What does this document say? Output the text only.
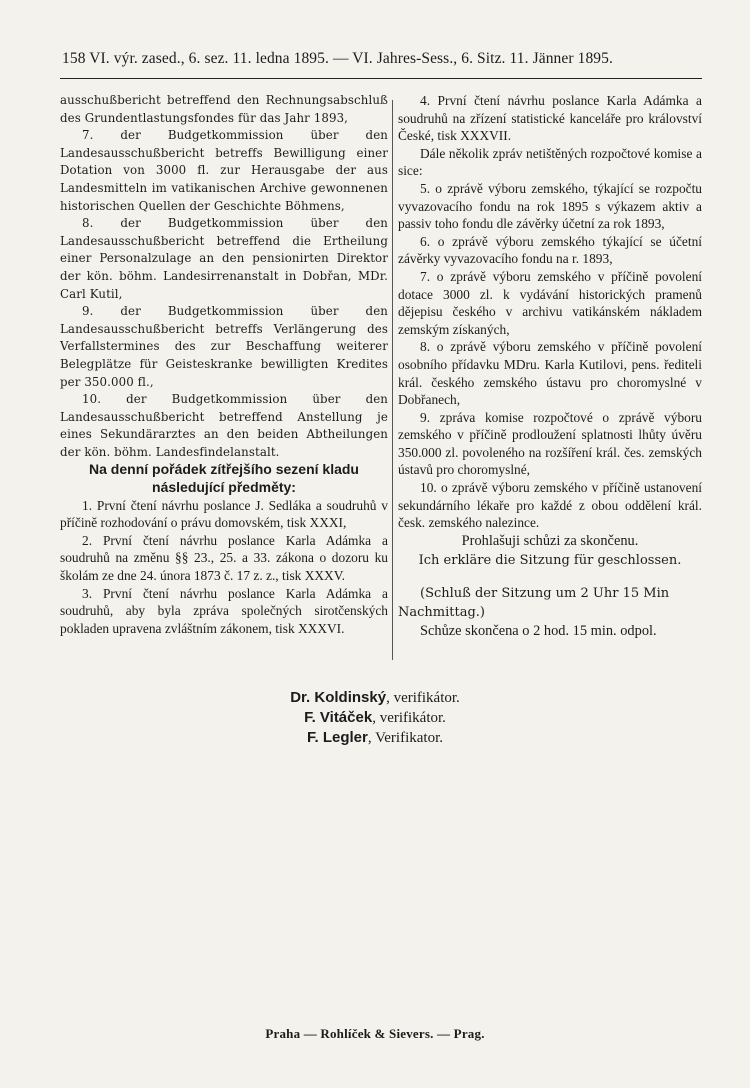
158 VI. výr. zased., 6. sez. 11. ledna 1895. — VI. Jahres-Sess., 6. Sitz. 11. Jänner 1895.

ausschußbericht betreffend den Rechnungsabschluß des Grundentlastungsfondes für das Jahr 1893,

7. der Budgetkommission über den Landesausschußbericht betreffs Bewilligung einer Dotation von 3000 fl. zur Herausgabe der aus Landesmitteln im vatikanischen Archive gewonnenen historischen Quellen der Geschichte Böhmens,

8. der Budgetkommission über den Landesausschußbericht betreffend die Ertheilung einer Personalzulage an den pensionirten Direktor der kön. böhm. Landesirrenanstalt in Dobřan, MDr. Carl Kutil,

9. der Budgetkommission über den Landesausschußbericht betreffs Verlängerung des Verfallstermines des zur Beschaffung weiterer Belegplätze für Geisteskranke bewilligten Kredites per 350.000 fl.,

10. der Budgetkommission über den Landesausschußbericht betreffend Anstellung je eines Sekundärarztes an den beiden Abtheilungen der kön. böhm. Landesfindelanstalt.

Na denní pořádek zítřejšího sezení kladu následující předměty:

1. První čtení návrhu poslance J. Sedláka a soudruhů v příčině rozhodování o právu domovském, tisk XXXI,

2. První čtení návrhu poslance Karla Adámka a soudruhů na změnu §§ 23., 25. a 33. zákona o dozoru ku školám ze dne 24. února 1873 č. 17 z. z., tisk XXXV.

3. První čtení návrhu poslance Karla Adámka a soudruhů, aby byla zpráva společných sirotčenských pokladen upravena zvláštním zákonem, tisk XXXVI.

4. První čtení návrhu poslance Karla Adámka a soudruhů na zřízení statistické kanceláře pro království České, tisk XXXVII.

Dále několik zpráv netištěných rozpočtové komise a sice:

5. o zprávě výboru zemského, týkající se rozpočtu vyvazovacího fondu na rok 1895 s výkazem aktiv a passiv toho fondu dle závěrky účetní za rok 1893,

6. o zprávě výboru zemského týkající se účetní závěrky vyvazovacího fondu na r. 1893,

7. o zprávě výboru zemského v příčině povolení dotace 3000 zl. k vydávání historických pramenů dějepisu českého v archivu vatikánském nákladem zemským získaných,

8. o zprávě výboru zemského v příčině povolení osobního přídavku MDru. Karla Kutilovi, pens. řediteli král. českého zemského ústavu pro choromyslné v Dobřanech,

9. zpráva komise rozpočtové o zprávě výboru zemského v příčině prodloužení splatnosti lhůty úvěru 350.000 zl. povoleného na rozšíření král. čes. zemských ústavů pro choromyslné,

10. o zprávě výboru zemského v příčině ustanovení sekundárního lékaře pro každé z obou oddělení král. česk. zemského nalezince.

Prohlašuji schůzi za skončenu.

Ich erkläre die Sitzung für geschlossen.

(Schluß der Sitzung um 2 Uhr 15 Min Nachmittag.)

Schůze skončena o 2 hod. 15 min. odpol.

Dr. Koldinský, verifikátor.

F. Vitáček, verifikátor.

F. Legler, Verifikator.

Praha — Rohlíček & Sievers. — Prag.
